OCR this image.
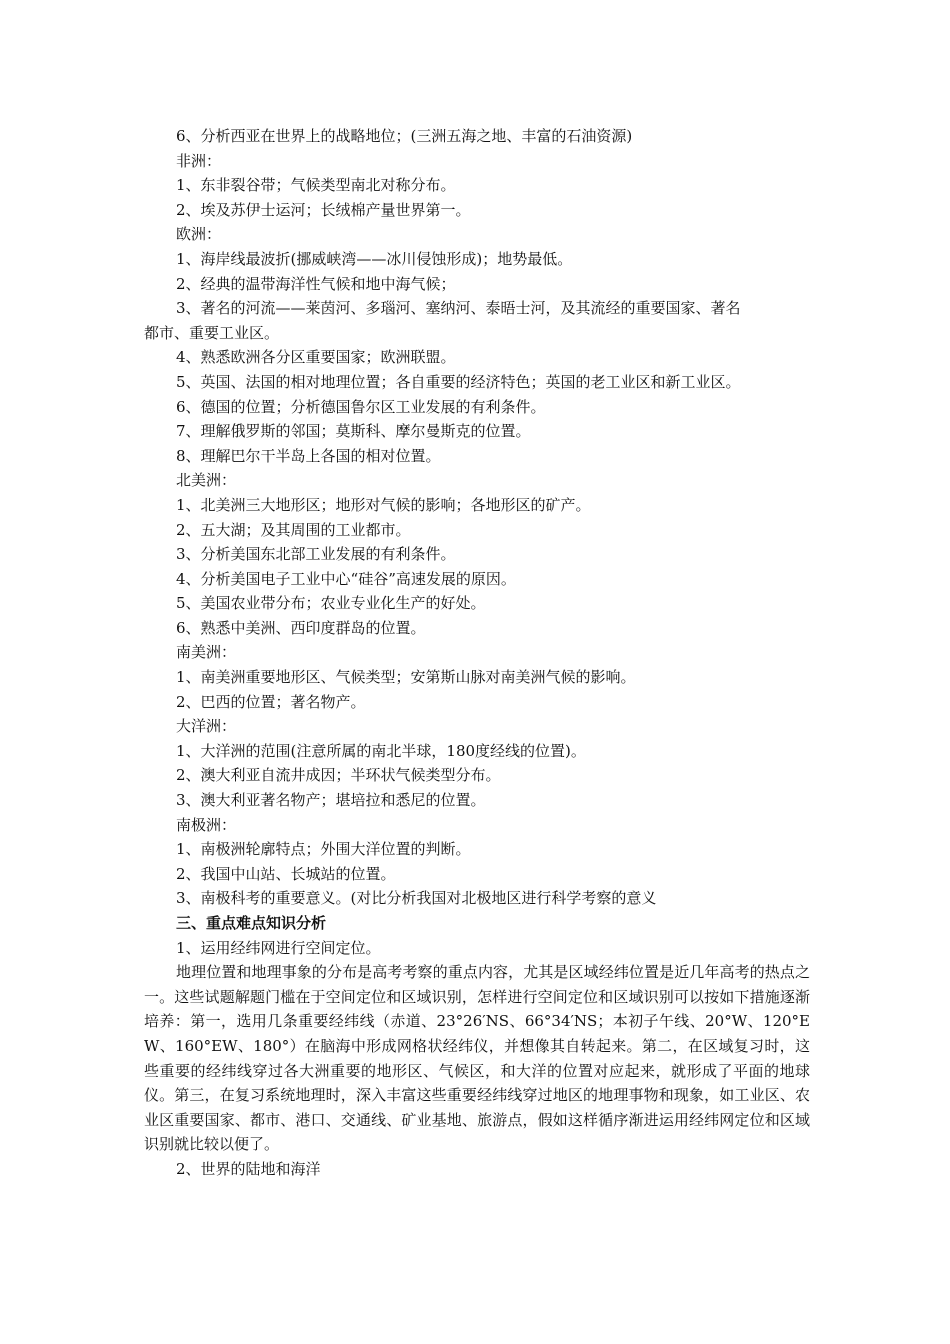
6、分析西亚在世界上的战略地位；(三洲五海之地、丰富的石油资源)
非洲：
1、东非裂谷带；气候类型南北对称分布。
2、埃及苏伊士运河；长绒棉产量世界第一。
欧洲：
1、海岸线最波折(挪威峡湾——冰川侵蚀形成)；地势最低。
2、经典的温带海洋性气候和地中海气候；
3、著名的河流——莱茵河、多瑙河、塞纳河、泰晤士河，及其流经的重要国家、著名
都市、重要工业区。
4、熟悉欧洲各分区重要国家；欧洲联盟。
5、英国、法国的相对地理位置；各自重要的经济特色；英国的老工业区和新工业区。
6、德国的位置；分析德国鲁尔区工业发展的有利条件。
7、理解俄罗斯的邻国；莫斯科、摩尔曼斯克的位置。
8、理解巴尔干半岛上各国的相对位置。
北美洲：
1、北美洲三大地形区；地形对气候的影响；各地形区的矿产。
2、五大湖；及其周围的工业都市。
3、分析美国东北部工业发展的有利条件。
4、分析美国电子工业中心“硅谷”高速发展的原因。
5、美国农业带分布；农业专业化生产的好处。
6、熟悉中美洲、西印度群岛的位置。
南美洲：
1、南美洲重要地形区、气候类型；安第斯山脉对南美洲气候的影响。
2、巴西的位置；著名物产。
大洋洲：
1、大洋洲的范围(注意所属的南北半球，180度经线的位置)。
2、澳大利亚自流井成因；半环状气候类型分布。
3、澳大利亚著名物产；堪培拉和悉尼的位置。
南极洲：
1、南极洲轮廓特点；外围大洋位置的判断。
2、我国中山站、长城站的位置。
3、南极科考的重要意义。(对比分析我国对北极地区进行科学考察的意义
三、重点难点知识分析
1、运用经纬网进行空间定位。
地理位置和地理事象的分布是高考考察的重点内容，尤其是区域经纬位置是近几年高考的热点之一。这些试题解题门槛在于空间定位和区域识别，怎样进行空间定位和区域识别可以按如下措施逐渐培养：第一，选用几条重要经纬线（赤道、23°26′NS、66°34′NS；本初子午线、20°W、120°EW、160°EW、180°）在脑海中形成网格状经纬仪，并想像其自转起来。第二，在区域复习时，这些重要的经纬线穿过各大洲重要的地形区、气候区，和大洋的位置对应起来，就形成了平面的地球仪。第三，在复习系统地理时，深入丰富这些重要经纬线穿过地区的地理事物和现象，如工业区、农业区重要国家、都市、港口、交通线、矿业基地、旅游点，假如这样循序渐进运用经纬网定位和区域识别就比较以便了。
2、世界的陆地和海洋
